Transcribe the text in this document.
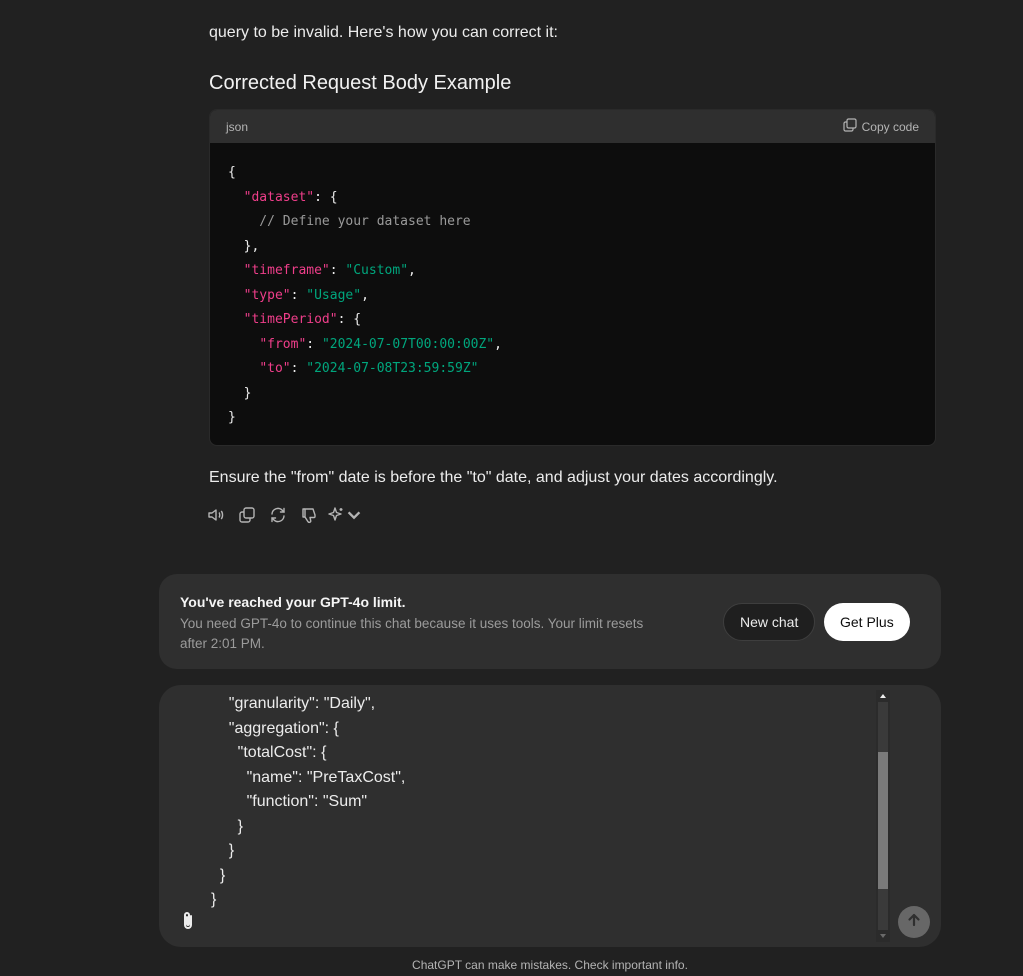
query to be invalid. Here's how you can correct it:
Corrected Request Body Example
json	Copy code
{
"dataset": {
// Define your dataset here
},
"timeframe": "Custom",
"type": "Usage",
"timePeriod": {
"from": "2024-07-07T00:00:00Z",
"to": "2024-07-08T23:59:59Z"
}
}
Ensure the "from" date is before the "to" date, and adjust your dates accordingly.
You've reached your GPT-4o limit.
You need GPT-4o to continue this chat because it uses tools. Your limit resets after 2:01 PM.
New chat	Get Plus
"granularity": "Daily",
"aggregation": {
"totalCost": {
"name": "PreTaxCost",
"function": "Sum"
}
}
}
}
ChatGPT can make mistakes. Check important info.
